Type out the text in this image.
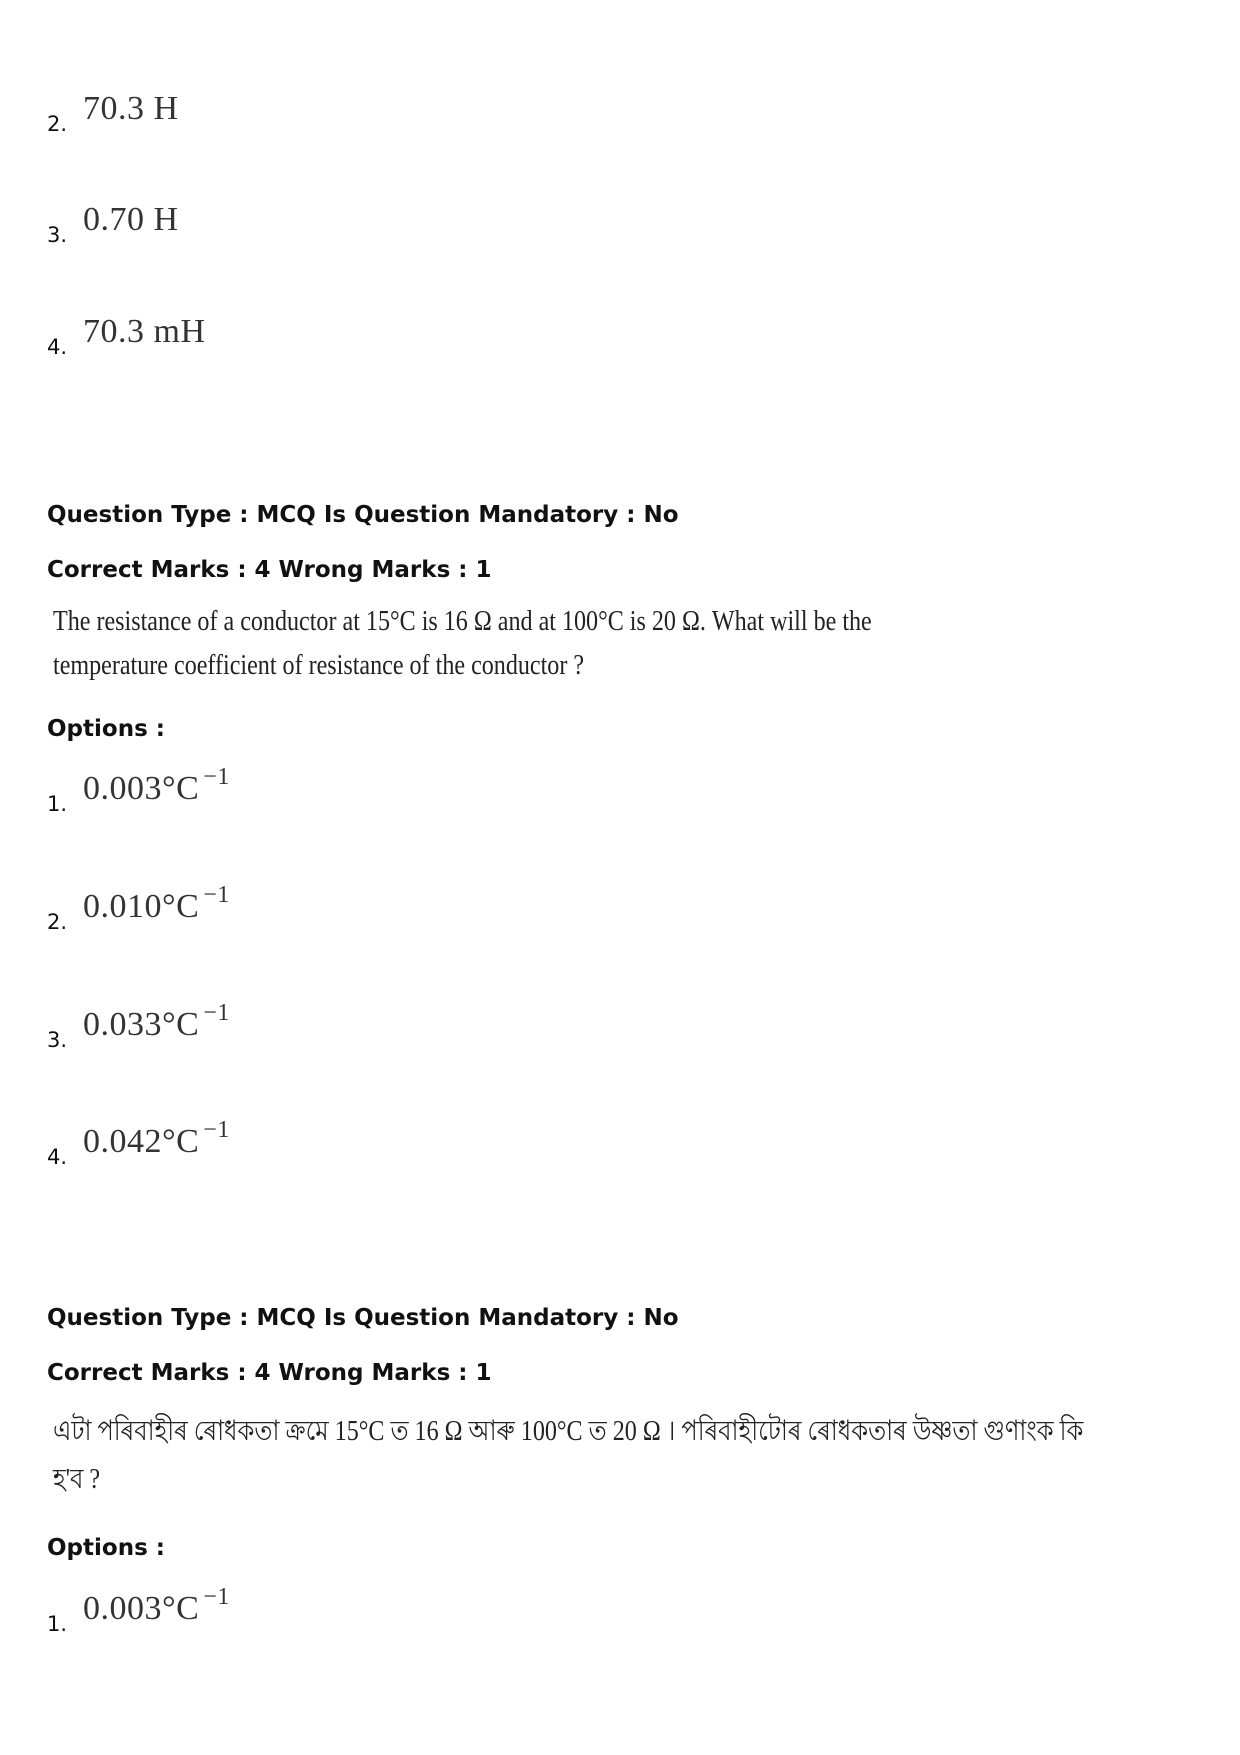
2. 70.3 H
3. 0.70 H
4. 70.3 mH
Question Type : MCQ Is Question Mandatory : No
Correct Marks : 4 Wrong Marks : 1
The resistance of a conductor at 15°C is 16 Ω and at 100°C is 20 Ω. What will be the
temperature coefficient of resistance of the conductor ?
Options :
1. 0.003°C $^{-1}$
2. 0.010°C $^{-1}$
3. 0.033°C $^{-1}$
4. 0.042°C $^{-1}$
Question Type : MCQ Is Question Mandatory : No
Correct Marks : 4 Wrong Marks : 1
এটা পৰিবাহীৰ ৰোধকতা ক্ৰমে 15°C ত 16 Ω আৰু 100°C ত 20 Ω । পৰিবাহীটোৰ ৰোধকতাৰ উষ্ণতা গুণাংক কি
হ'ব ?
Options :
1. 0.003°C $^{-1}$
